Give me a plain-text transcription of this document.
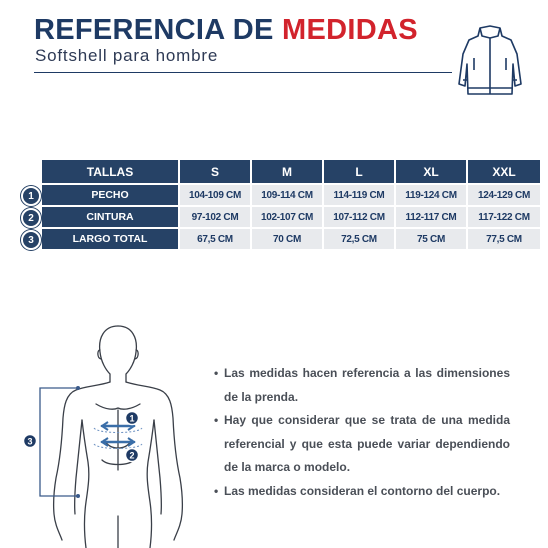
REFERENCIA DE MEDIDAS
Softshell para hombre
TALLAS	S	M	L	XL	XXL
1	PECHO	104-109 CM	109-114 CM	114-119 CM	119-124 CM	124-129 CM
2	CINTURA	97-102 CM	102-107 CM	107-112 CM	112-117 CM	117-122 CM
3	LARGO TOTAL	67,5 CM	70 CM	72,5 CM	75 CM	77,5 CM
1
2
3
• Las medidas hacen referencia a las dimensiones de la prenda.
• Hay que considerar que se trata de una medida referencial y que esta puede variar dependiendo de la marca o modelo.
• Las medidas consideran el contorno del cuerpo.
